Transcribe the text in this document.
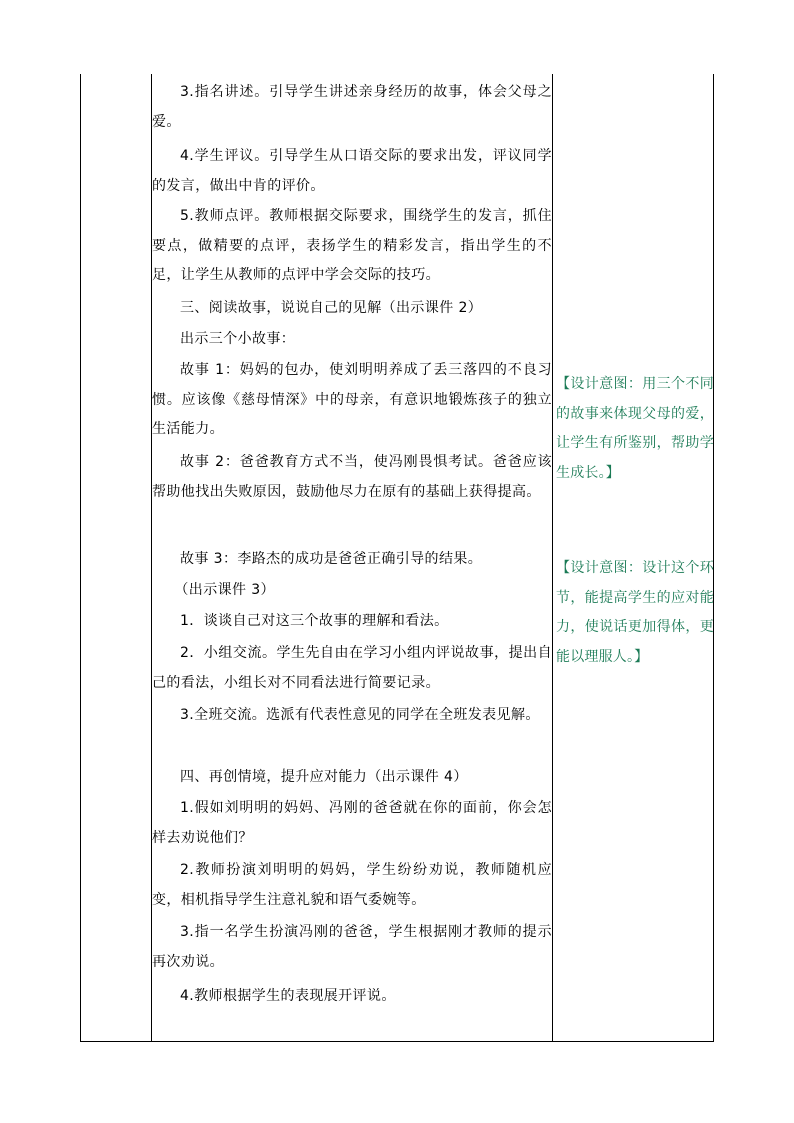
3.指名讲述。引导学生讲述亲身经历的故事，体会父母之爱。

4.学生评议。引导学生从口语交际的要求出发，评议同学的发言，做出中肯的评价。

5.教师点评。教师根据交际要求，围绕学生的发言，抓住要点，做精要的点评，表扬学生的精彩发言，指出学生的不足，让学生从教师的点评中学会交际的技巧。

三、阅读故事，说说自己的见解（出示课件 2）

出示三个小故事：

故事 1：妈妈的包办，使刘明明养成了丢三落四的不良习惯。应该像《慈母情深》中的母亲，有意识地锻炼孩子的独立生活能力。

故事 2：爸爸教育方式不当，使冯刚畏惧考试。爸爸应该帮助他找出失败原因，鼓励他尽力在原有的基础上获得提高。

故事 3：李路杰的成功是爸爸正确引导的结果。

（出示课件 3）

1．谈谈自己对这三个故事的理解和看法。

2．小组交流。学生先自由在学习小组内评说故事，提出自己的看法，小组长对不同看法进行简要记录。

3.全班交流。选派有代表性意见的同学在全班发表见解。

四、再创情境，提升应对能力（出示课件 4）

1.假如刘明明的妈妈、冯刚的爸爸就在你的面前，你会怎样去劝说他们？

2.教师扮演刘明明的妈妈，学生纷纷劝说，教师随机应变，相机指导学生注意礼貌和语气委婉等。

3.指一名学生扮演冯刚的爸爸，学生根据刚才教师的提示再次劝说。

4.教师根据学生的表现展开评说。

【设计意图：用三个不同的故事来体现父母的爱，让学生有所鉴别，帮助学生成长。】

【设计意图：设计这个环节，能提高学生的应对能力，使说话更加得体，更能以理服人。】
